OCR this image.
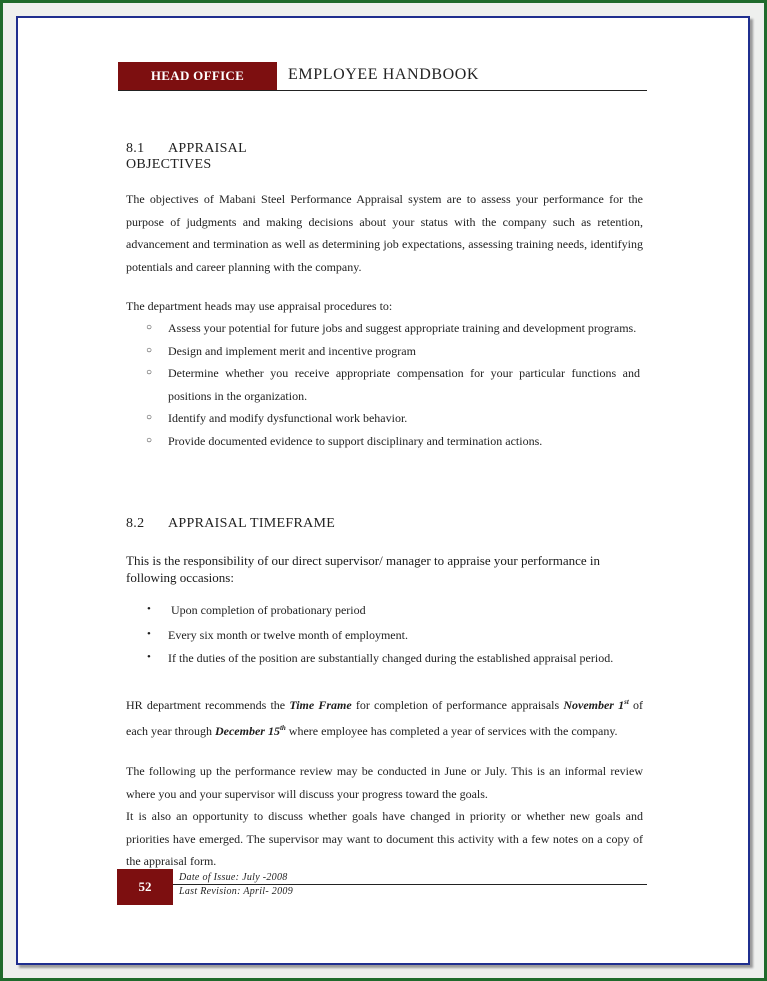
HEAD OFFICE	EMPLOYEE HANDBOOK
8.1	APPRAISAL
OBJECTIVES
The objectives of Mabani Steel Performance Appraisal system are to assess your performance for the purpose of judgments and making decisions about your status with the company such as retention, advancement and termination as well as determining job expectations, assessing training needs, identifying potentials and career planning with the company.
The department heads may use appraisal procedures to:
○ Assess your potential for future jobs and suggest appropriate training and development programs.
○ Design and implement merit and incentive program
○ Determine whether you receive appropriate compensation for your particular functions and positions in the organization.
○ Identify and modify dysfunctional work behavior.
○ Provide documented evidence to support disciplinary and termination actions.
8.2	APPRAISAL TIMEFRAME
This is the responsibility of our direct supervisor/ manager to appraise your performance in following occasions:
• Upon completion of probationary period
• Every six month or twelve month of employment.
• If the duties of the position are substantially changed during the established appraisal period.
HR department recommends the Time Frame for completion of performance appraisals November 1st of each year through December 15th where employee has completed a year of services with the company.
The following up the performance review may be conducted in June or July. This is an informal review where you and your supervisor will discuss your progress toward the goals.
It is also an opportunity to discuss whether goals have changed in priority or whether new goals and priorities have emerged. The supervisor may want to document this activity with a few notes on a copy of the appraisal form.
52
Date of Issue: July -2008
Last Revision: April- 2009
